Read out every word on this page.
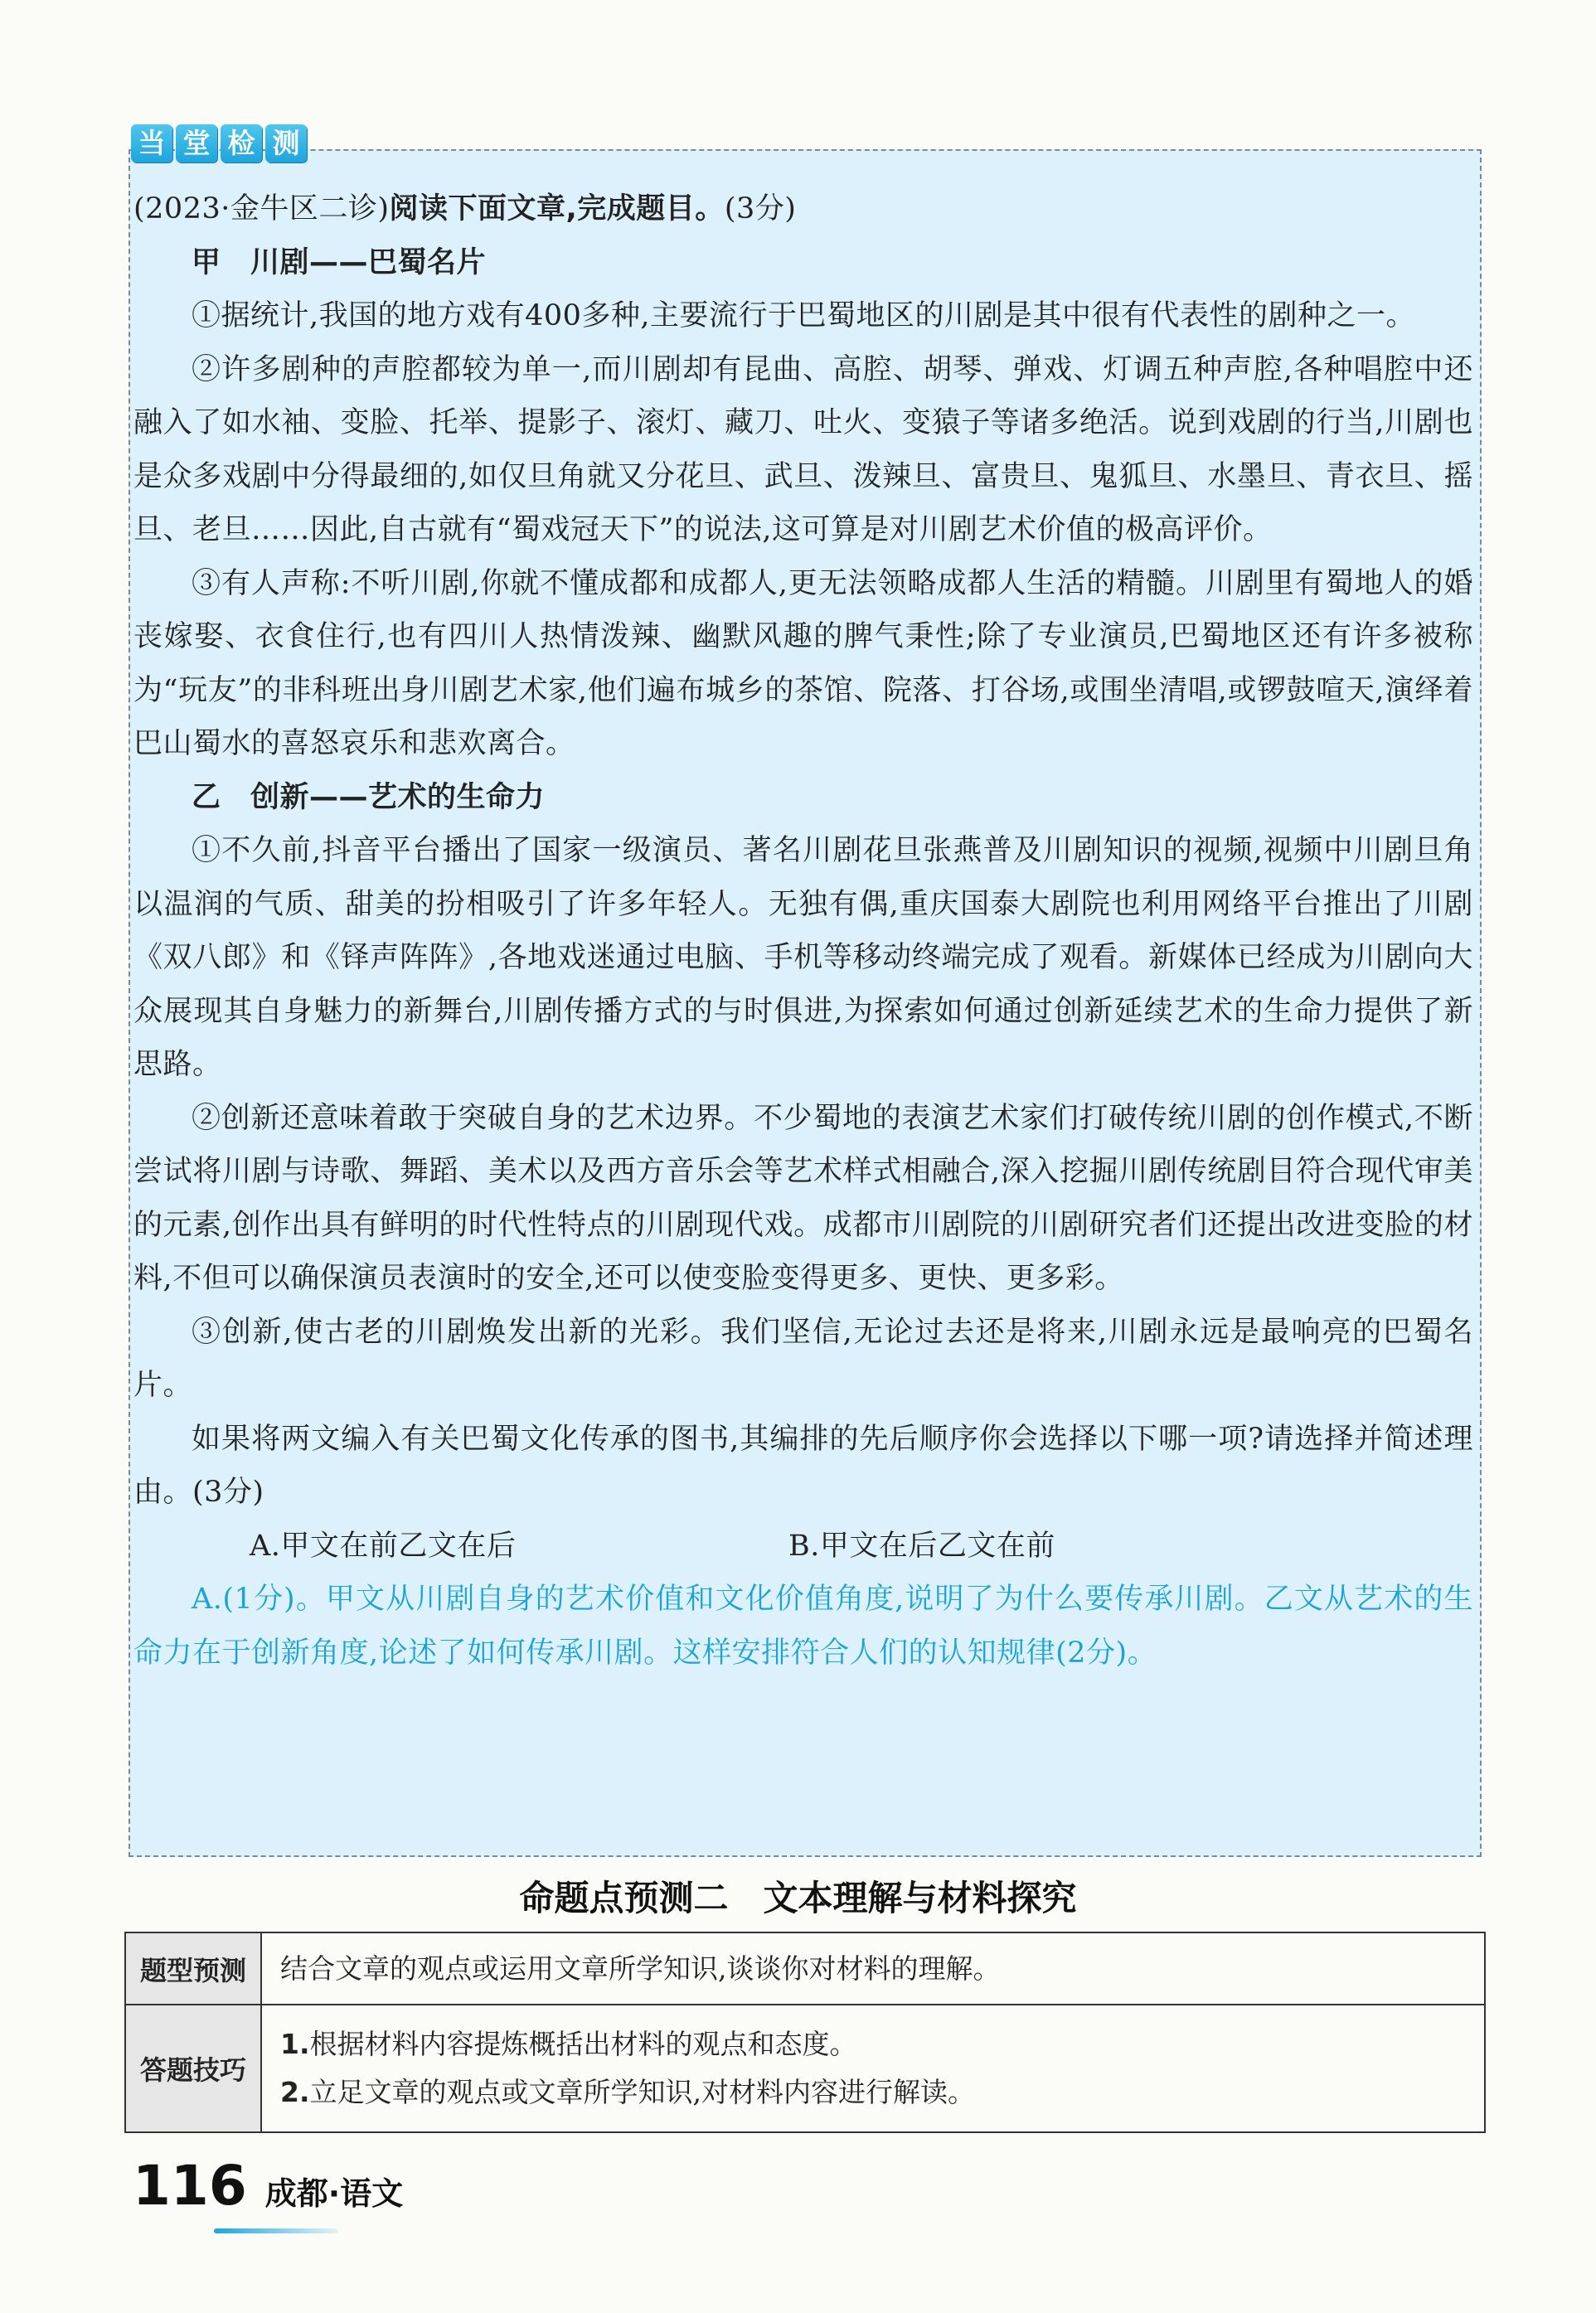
当 堂 检 测

(2023·金牛区二诊)阅读下面文章,完成题目。(3分)

甲　川剧——巴蜀名片

①据统计,我国的地方戏有400多种,主要流行于巴蜀地区的川剧是其中很有代表性的剧种之一。

②许多剧种的声腔都较为单一,而川剧却有昆曲、高腔、胡琴、弹戏、灯调五种声腔,各种唱腔中还融入了如水袖、变脸、托举、提影子、滚灯、藏刀、吐火、变猿子等诸多绝活。说到戏剧的行当,川剧也是众多戏剧中分得最细的,如仅旦角就又分花旦、武旦、泼辣旦、富贵旦、鬼狐旦、水墨旦、青衣旦、摇旦、老旦……因此,自古就有“蜀戏冠天下”的说法,这可算是对川剧艺术价值的极高评价。

③有人声称:不听川剧,你就不懂成都和成都人,更无法领略成都人生活的精髓。川剧里有蜀地人的婚丧嫁娶、衣食住行,也有四川人热情泼辣、幽默风趣的脾气秉性;除了专业演员,巴蜀地区还有许多被称为“玩友”的非科班出身川剧艺术家,他们遍布城乡的茶馆、院落、打谷场,或围坐清唱,或锣鼓喧天,演绎着巴山蜀水的喜怒哀乐和悲欢离合。

乙　创新——艺术的生命力

①不久前,抖音平台播出了国家一级演员、著名川剧花旦张燕普及川剧知识的视频,视频中川剧旦角以温润的气质、甜美的扮相吸引了许多年轻人。无独有偶,重庆国泰大剧院也利用网络平台推出了川剧《双八郎》和《铎声阵阵》,各地戏迷通过电脑、手机等移动终端完成了观看。新媒体已经成为川剧向大众展现其自身魅力的新舞台,川剧传播方式的与时俱进,为探索如何通过创新延续艺术的生命力提供了新思路。

②创新还意味着敢于突破自身的艺术边界。不少蜀地的表演艺术家们打破传统川剧的创作模式,不断尝试将川剧与诗歌、舞蹈、美术以及西方音乐会等艺术样式相融合,深入挖掘川剧传统剧目符合现代审美的元素,创作出具有鲜明的时代性特点的川剧现代戏。成都市川剧院的川剧研究者们还提出改进变脸的材料,不但可以确保演员表演时的安全,还可以使变脸变得更多、更快、更多彩。

③创新,使古老的川剧焕发出新的光彩。我们坚信,无论过去还是将来,川剧永远是最响亮的巴蜀名片。

如果将两文编入有关巴蜀文化传承的图书,其编排的先后顺序你会选择以下哪一项?请选择并简述理由。(3分)

A.甲文在前乙文在后	B.甲文在后乙文在前

A.(1分)。甲文从川剧自身的艺术价值和文化价值角度,说明了为什么要传承川剧。乙文从艺术的生命力在于创新角度,论述了如何传承川剧。这样安排符合人们的认知规律(2分)。

命题点预测二　文本理解与材料探究
题型预测	结合文章的观点或运用文章所学知识,谈谈你对材料的理解。
答题技巧	1.根据材料内容提炼概括出材料的观点和态度。
2.立足文章的观点或文章所学知识,对材料内容进行解读。
116 成都·语文
